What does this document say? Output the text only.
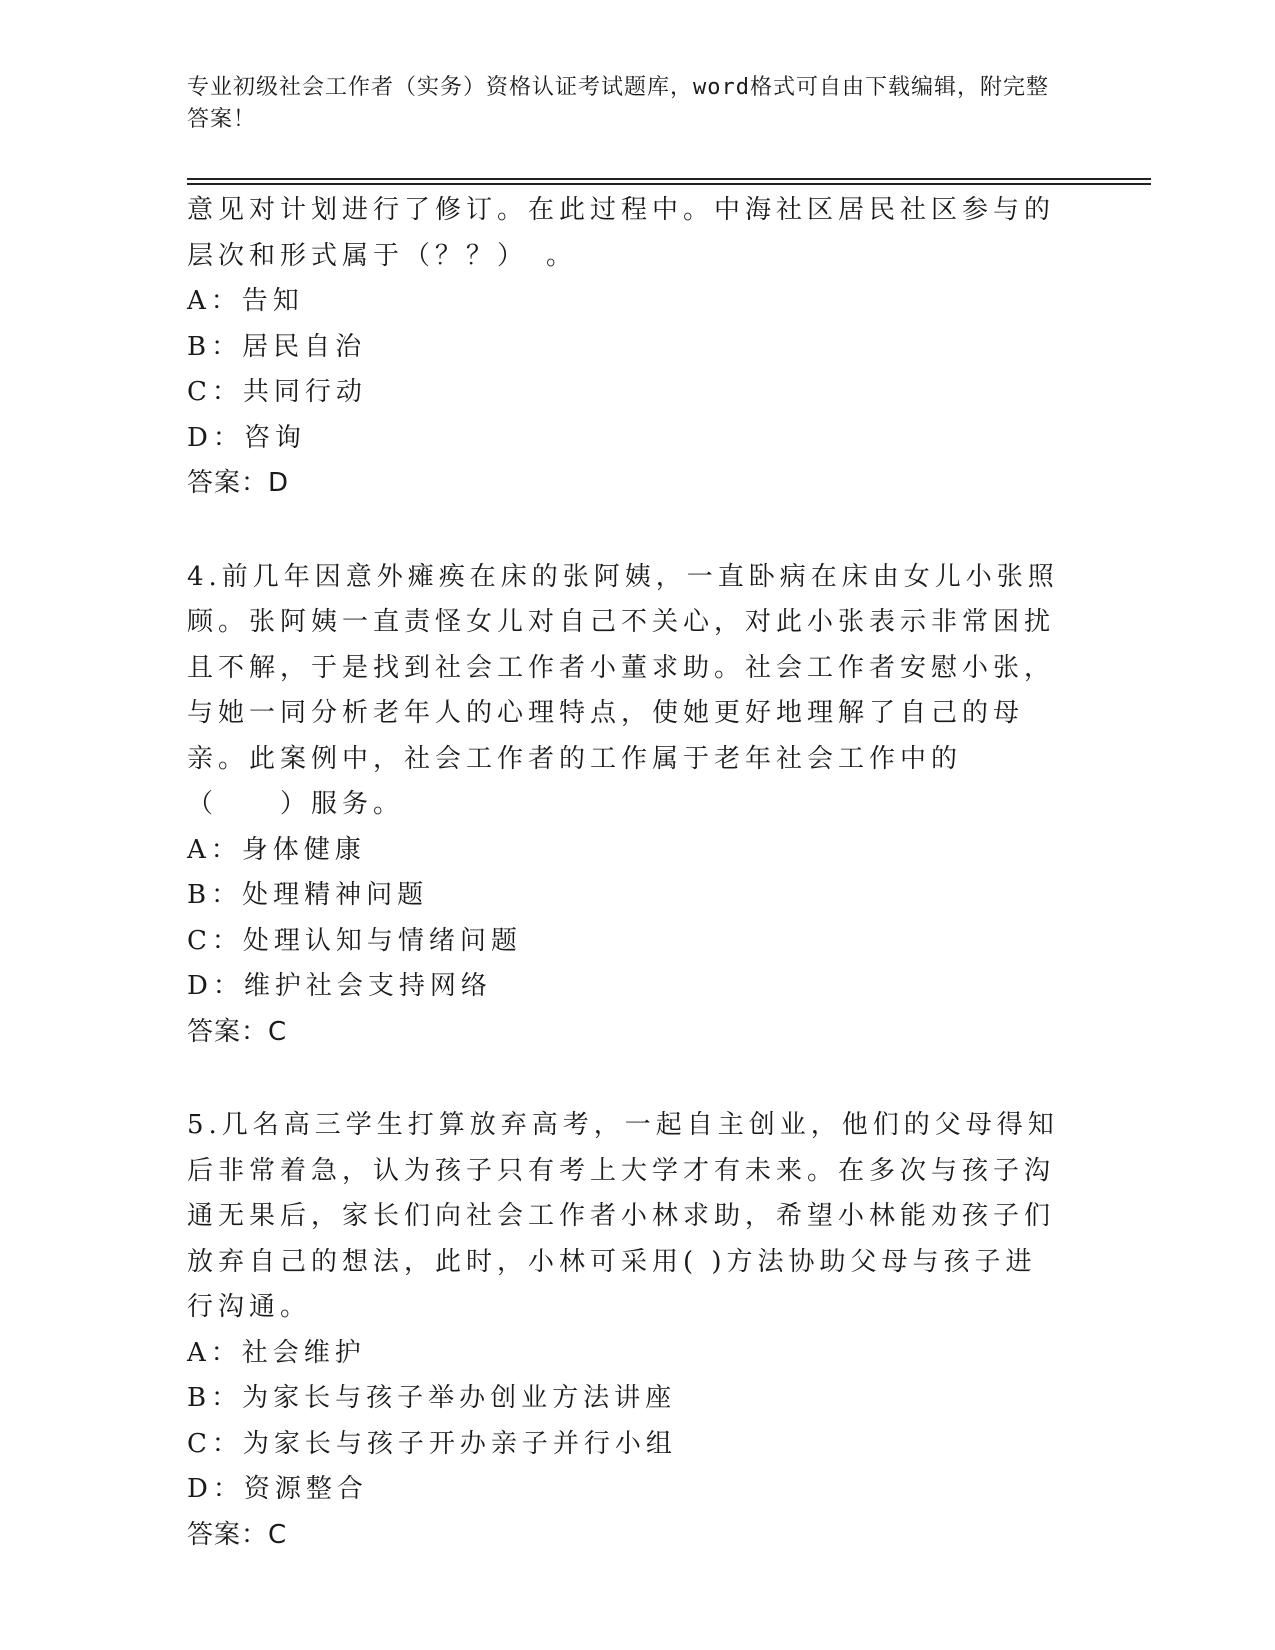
专业初级社会工作者（实务）资格认证考试题库，word格式可自由下载编辑，附完整答案！

意见对计划进行了修订。在此过程中。中海社区居民社区参与的层次和形式属于（？？）　。

A：告知

B：居民自治

C：共同行动

D：咨询

答案：D

4.前几年因意外瘫痪在床的张阿姨，一直卧病在床由女儿小张照顾。张阿姨一直责怪女儿对自己不关心，对此小张表示非常困扰且不解，于是找到社会工作者小董求助。社会工作者安慰小张，与她一同分析老年人的心理特点，使她更好地理解了自己的母亲。此案例中，社会工作者的工作属于老年社会工作中的（　　）服务。

A：身体健康

B：处理精神问题

C：处理认知与情绪问题

D：维护社会支持网络

答案：C

5.几名高三学生打算放弃高考，一起自主创业，他们的父母得知后非常着急，认为孩子只有考上大学才有未来。在多次与孩子沟通无果后，家长们向社会工作者小林求助，希望小林能劝孩子们放弃自己的想法，此时，小林可采用( )方法协助父母与孩子进行沟通。

A：社会维护

B：为家长与孩子举办创业方法讲座

C：为家长与孩子开办亲子并行小组

D：资源整合

答案：C
